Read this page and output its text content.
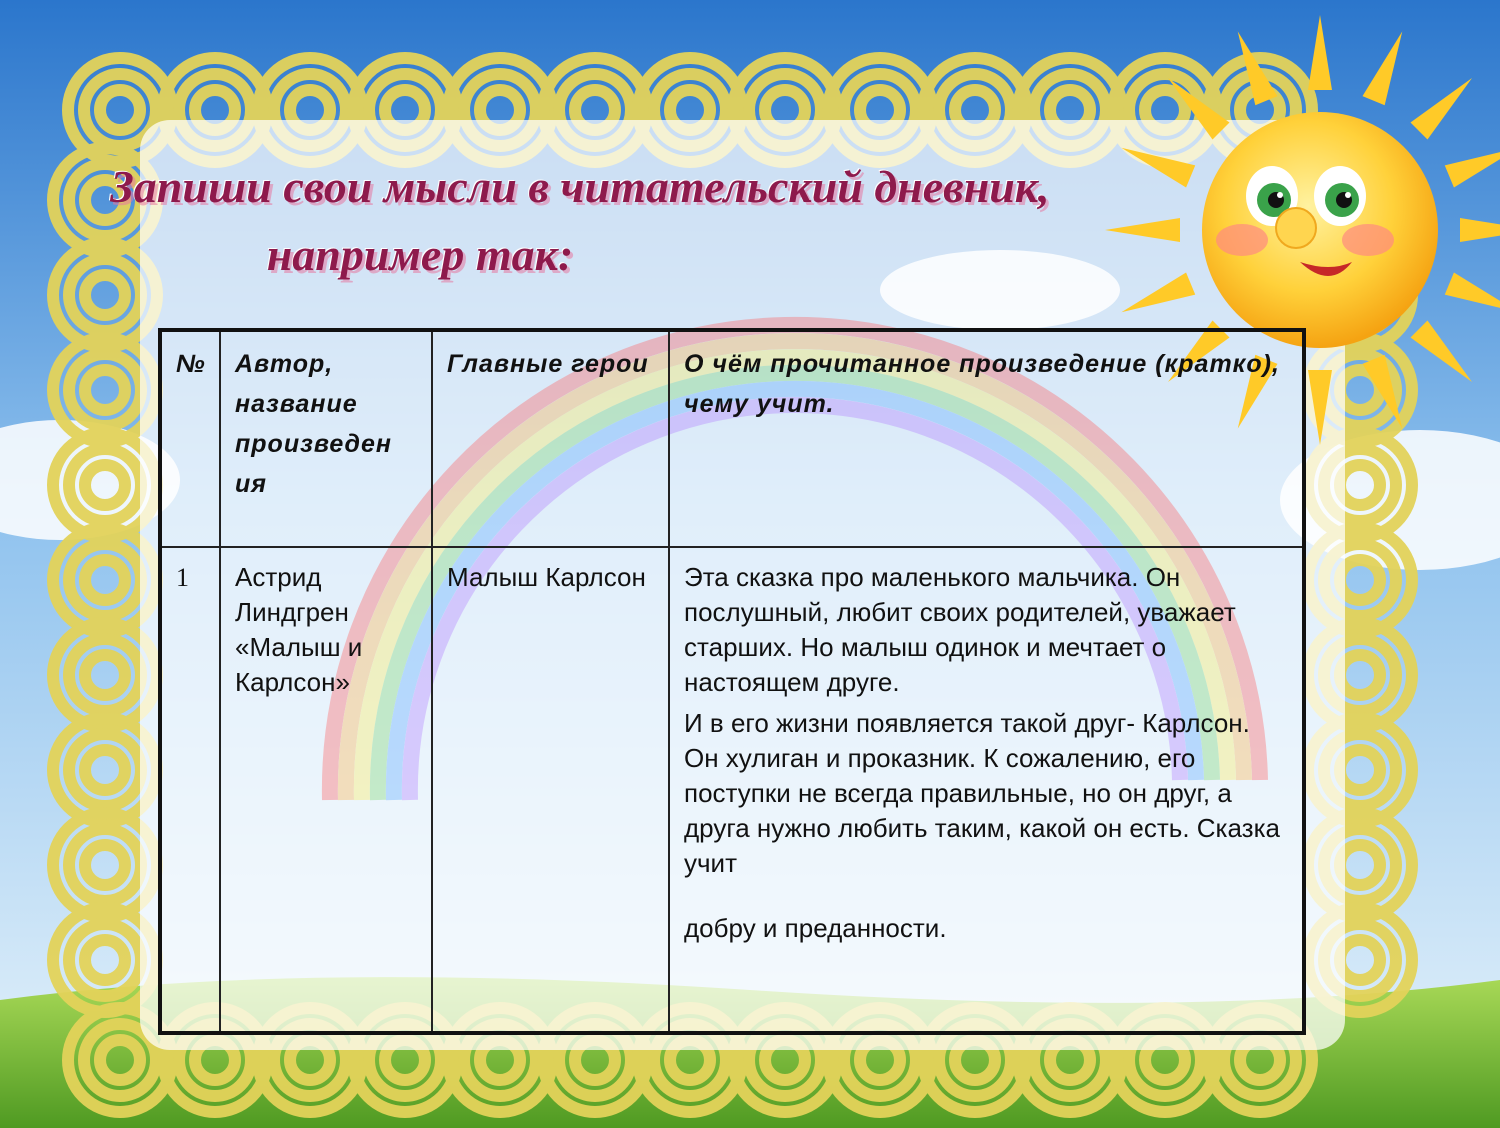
Запиши свои мысли в читательский дневник,
например так:
№	Автор, название произведен ия	Главные герои	О чём прочитанное произведение (кратко), чему учит.
1	Астрид Линдгрен «Малыш и Карлсон»	Малыш Карлсон	Эта сказка про маленького мальчика. Он послушный, любит своих родителей, уважает старших. Но малыш одинок и мечтает о настоящем друге.

И в его жизни появляется такой друг- Карлсон. Он хулиган и проказник. К сожалению, его поступки не всегда правильные, но он друг, а друга нужно любить таким, какой он есть. Сказка учит

добру и преданности.
